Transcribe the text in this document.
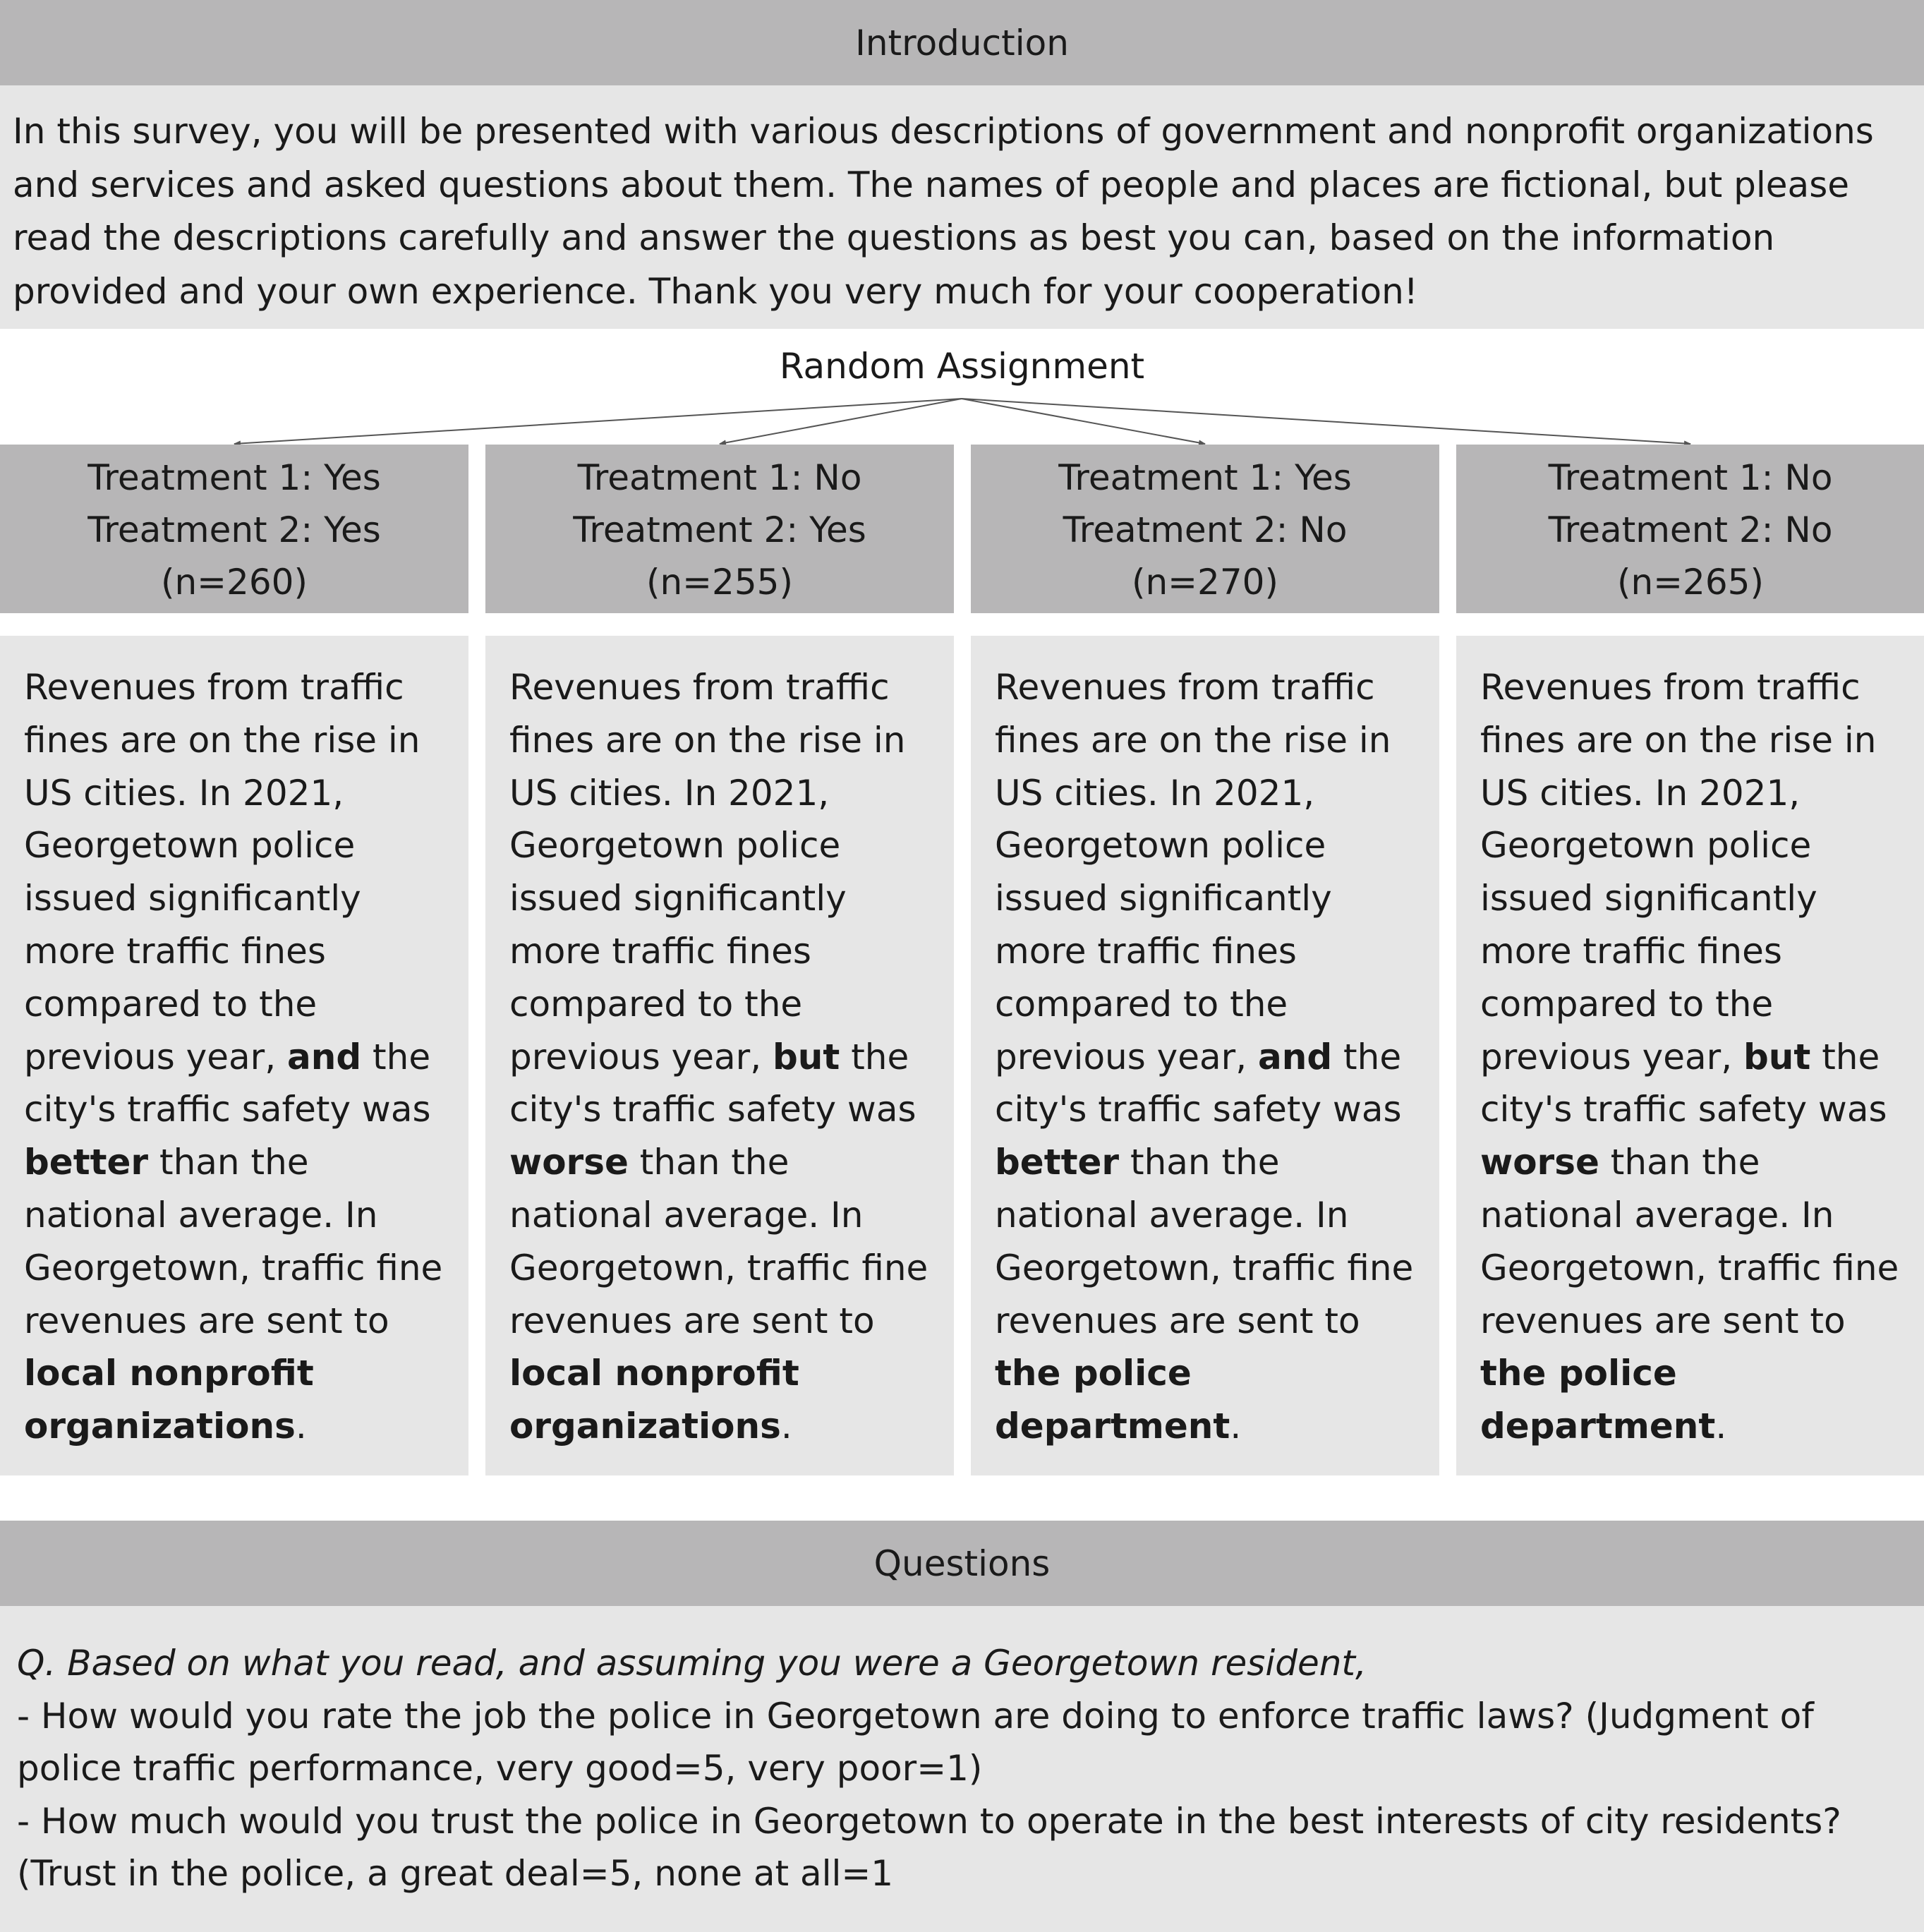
Introduction
In this survey, you will be presented with various descriptions of government and nonprofit organizations and services and asked questions about them. The names of people and places are fictional, but please read the descriptions carefully and answer the questions as best you can, based on the information provided and your own experience. Thank you very much for your cooperation!
Random Assignment
Treatment 1: Yes
Treatment 2: Yes
(n=260)
Revenues from traffic fines are on the rise in US cities. In 2021, Georgetown police issued significantly more traffic fines compared to the previous year, and the city's traffic safety was better than the national average. In Georgetown, traffic fine revenues are sent to local nonprofit organizations.
Treatment 1: No
Treatment 2: Yes
(n=255)
Revenues from traffic fines are on the rise in US cities. In 2021, Georgetown police issued significantly more traffic fines compared to the previous year, but the city's traffic safety was worse than the national average. In Georgetown, traffic fine revenues are sent to local nonprofit organizations.
Treatment 1: Yes
Treatment 2: No
(n=270)
Revenues from traffic fines are on the rise in US cities. In 2021, Georgetown police issued significantly more traffic fines compared to the previous year, and the city's traffic safety was better than the national average. In Georgetown, traffic fine revenues are sent to the police department.
Treatment 1: No
Treatment 2: No
(n=265)
Revenues from traffic fines are on the rise in US cities. In 2021, Georgetown police issued significantly more traffic fines compared to the previous year, but the city's traffic safety was worse than the national average. In Georgetown, traffic fine revenues are sent to the police department.
Questions
Q. Based on what you read, and assuming you were a Georgetown resident,
- How would you rate the job the police in Georgetown are doing to enforce traffic laws? (Judgment of police traffic performance, very good=5, very poor=1)
- How much would you trust the police in Georgetown to operate in the best interests of city residents? (Trust in the police, a great deal=5, none at all=1
